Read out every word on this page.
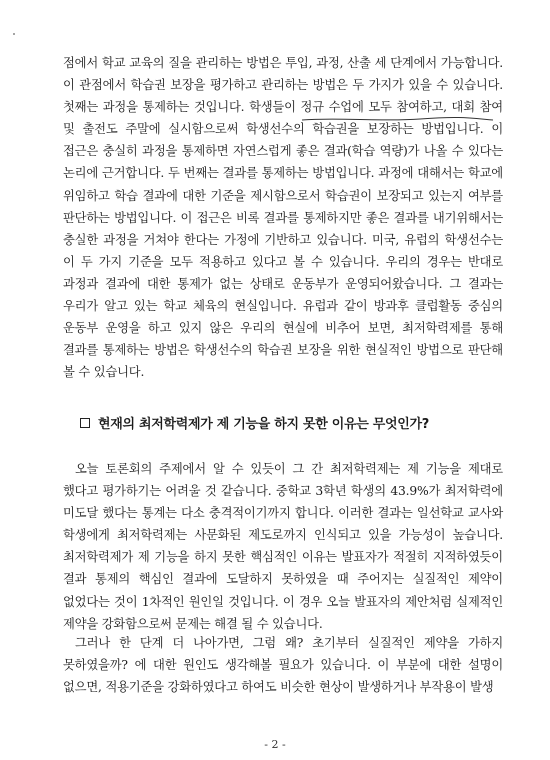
점에서 학교 교육의 질을 관리하는 방법은 투입, 과정, 산출 세 단계에서 가능합니다. 이 관점에서 학습권 보장을 평가하고 관리하는 방법은 두 가지가 있을 수 있습니다. 첫째는 과정을 통제하는 것입니다. 학생들이 정규 수업에 모두 참여하고, 대회 참여 및 출전도 주말에 실시함으로써 학생선수의 학습권을 보장하는 방법입니다. 이 접근은 충실히 과정을 통제하면 자연스럽게 좋은 결과(학습 역량)가 나올 수 있다는 논리에 근거합니다. 두 번째는 결과를 통제하는 방법입니다. 과정에 대해서는 학교에 위임하고 학습 결과에 대한 기준을 제시함으로서 학습권이 보장되고 있는지 여부를 판단하는 방법입니다. 이 접근은 비록 결과를 통제하지만 좋은 결과를 내기위해서는 충실한 과정을 거쳐야 한다는 가정에 기반하고 있습니다. 미국, 유럽의 학생선수는 이 두 가지 기준을 모두 적용하고 있다고 볼 수 있습니다. 우리의 경우는 반대로 과정과 결과에 대한 통제가 없는 상태로 운동부가 운영되어왔습니다. 그 결과는 우리가 알고 있는 학교 체육의 현실입니다. 유럽과 같이 방과후 클럽활동 중심의 운동부 운영을 하고 있지 않은 우리의 현실에 비추어 보면, 최저학력제를 통해 결과를 통제하는 방법은 학생선수의 학습권 보장을 위한 현실적인 방법으로 판단해 볼 수 있습니다.

현재의 최저학력제가 제 기능을 하지 못한 이유는 무엇인가?

오늘 토론회의 주제에서 알 수 있듯이 그 간 최저학력제는 제 기능을 제대로 했다고 평가하기는 어려울 것 같습니다. 중학교 3학년 학생의 43.9%가 최저학력에 미도달 했다는 통계는 다소 충격적이기까지 합니다. 이러한 결과는 일선학교 교사와 학생에게 최저학력제는 사문화된 제도로까지 인식되고 있을 가능성이 높습니다. 최저학력제가 제 기능을 하지 못한 핵심적인 이유는 발표자가 적절히 지적하였듯이 결과 통제의 핵심인 결과에 도달하지 못하였을 때 주어지는 실질적인 제약이 없었다는 것이 1차적인 원인일 것입니다. 이 경우 오늘 발표자의 제안처럼 실제적인 제약을 강화함으로써 문제는 해결 될 수 있습니다.

그러나 한 단계 더 나아가면, 그럼 왜? 초기부터 실질적인 제약을 가하지 못하였을까? 에 대한 원인도 생각해볼 필요가 있습니다. 이 부분에 대한 설명이 없으면, 적용기준을 강화하였다고 하여도 비슷한 현상이 발생하거나 부작용이 발생

- 2 -
